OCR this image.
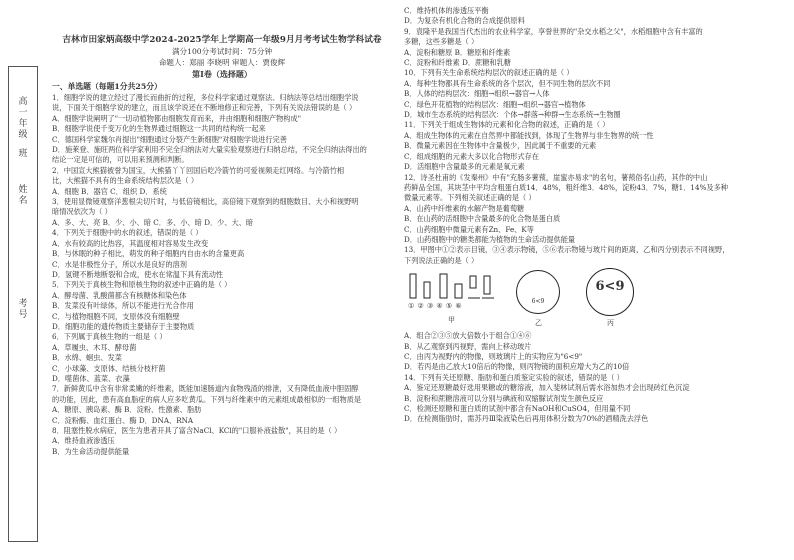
高
一
年
级
班
姓
名
考
号
吉林市田家炳高级中学2024-2025学年上学期高一年级9月月考考试生物学科试卷
满分100分考试时间：75分钟
命题人：郑丽 李晓明 审题人：贾俊辉
第Ⅰ卷（选择题）
一、单选题（每题1分共25分）
1．细胞学说的建立经过了漫长而曲折的过程，多位科学家通过观察法、归纳法等总结出细胞学说
说，下面关于细胞学说的建立，而且该学说还在不断地修正和完善，下列有关说法错误的是（ ）
A．细胞学说阐明了"一切动植物都由细胞发育而来，并由细胞和细胞产物构成"
B．细胞学说使千变万化的生物界通过细胞这一共同的结构统一起来
C．德国科学家魏尔肖提出"细胞通过分裂产生新细胞"对细胞学说进行完善
D．施莱登、施旺两位科学家利用不完全归纳法对大量实验观察进行归纳总结，不完全归纳法得出的
结论一定是可信的，可以用来预测和判断。
2．中国宣大熊猫被誉为国宝，大熊猫丫丫回国后吃冷箭竹的可爱视频走红网络。与冷箭竹相
比，大熊猫不具有的生命系统结构层次是（ ）
A．细胞 B．器官 C．组织 D．系统
3．使用显微镜观察洋葱根尖切片时，与低倍镜相比，高倍镜下观察到的细胞数目、大小和视野明
暗情况依次为（ ）
A．多、大、亮 B．少、小、暗 C．多、小、暗 D．少、大、暗
4．下列关于细胞中的水的叙述，错误的是（ ）
A．水有较高的比热容，其温度相对容易发生改变
B．与休眠的种子相比，萌发的种子细胞内自由水的含量更高
C．水是非极性分子，所以水是良好的溶剂
D．氢键不断地断裂和合成，使水在常温下具有流动性
5．下列关于真核生物和原核生物的叙述中正确的是（ ）
A．酵母菌、乳酸菌都含有核糖体和染色体
B．发菜没有叶绿体，所以不能进行光合作用
C．与植物细胞不同，支原体没有细胞壁
D．细胞功能的遗传物质主要储存于主要物质
6．下列属于真核生物的一组是（ ）
A．草履虫、木耳、酵母菌
B．水绵、蛔虫、发菜
C．小球藻、支原体、结核分枝杆菌
D．噬菌体、蓝菜、衣藻
7．新鲜黄瓜中含有非常柔嫩的纤维素，既能加速肠道内食物残渣的排泄，又有降低血液中胆固醇
的功能，因此，患有高血脂症的病人应多吃黄瓜。下列与纤维素中的元素组成最相似的一组物质是
A．糖原、胰岛素、酶 B．淀粉、性激素、脂肪
C．淀粉酶、血红蛋白、酶 D．DNA、RNA
8．阻塞性脱水病症，医生为患者开具了富含NaCl、KCl的"口服补液盐散"，其目的是（ ）
A．维持血液渗透压
B．为生命活动提供能量
C．维持机体的渗透压平衡
D．为复杂有机化合物的合成提供原料
9．袁隆平是我国当代杰出的农业科学家，享誉世界的"杂交水稻之父"，水稻细胞中含有丰富的
多糖，这些多糖是（ ）
A．淀粉和糖原 B．糖原和纤维素
C．淀粉和纤维素 D．蔗糖和乳糖
10．下列有关生命系统结构层次的叙述正确的是（ ）
A．每种生物都具有生命系统的各个层次，但不同生物的层次不同
B．人体的结构层次：细胞→组织→器官→人体
C．绿色开花植物的结构层次：细胞→组织→器官→植物体
D．城市生态系统的结构层次：个体→群落→种群→生态系统→生物圈
11．下列关于组成生物体的元素和化合物的叙述，正确的是（ ）
A．组成生物体的元素在自然界中都能找到，体现了生物界与非生物界的统一性
B．微量元素因在生物体中含量极少，因此属于不重要的元素
C．组成细胞的元素大多以化合物形式存在
D．活细胞中含量最多的元素是氧元素
12．诗圣杜甫的《发秦州》中有"充肠多薯蓣，崖蜜亦易求"的名句，薯蓣俗名山药，其作的中山
药鲜品全国，其块茎中平均含粗蛋白质14．48%，粗纤维3．48%，淀粉43．7%，糖1．14%及多种
微量元素等。下列相关叙述正确的是（ ）
A．山药中纤维素的水解产物是葡萄糖
B．在山药的活细胞中含量最多的化合物是蛋白质
C．山药细胞中微量元素有Zn、Fe、K等
D．山药细胞中的糖类都能为植物的生命活动提供能量
13．甲图中①②表示目镜，③④表示物镜，⑤⑥表示物镜与玻片间的距离，乙和丙分别表示不同视野，
下列说法正确的是（ ）
①②③④⑤⑥
甲
6<9
乙
6<9
丙
A．组合②③⑤放大倍数小于组合①④⑥
B．从乙观察到丙视野，需向上移动玻片
C．由丙为视野内的物像，则玻璃片上的实物应为"6<9"
D．若丙是由乙放大10倍后的物像，则丙物镜的面积应增大为乙的10倍
14．下列有关还原糖、脂肪和蛋白质鉴定实验的叙述，错误的是（ ）
A．鉴定还原糖最好选用果糖或的糖溶液，加入斐林试剂后需水浴加热才会出现砖红色沉淀
B．淀粉和蔗糖溶液可以分别与碘液和双缩脲试剂发生颜色反应
C．检测还原糖和蛋白质的试剂中都含有NaOH和CuSO4，但用量不同
D．在检测脂肪时，需苏丹Ⅲ染液染色后再用体积分数为70%的酒精洗去浮色
